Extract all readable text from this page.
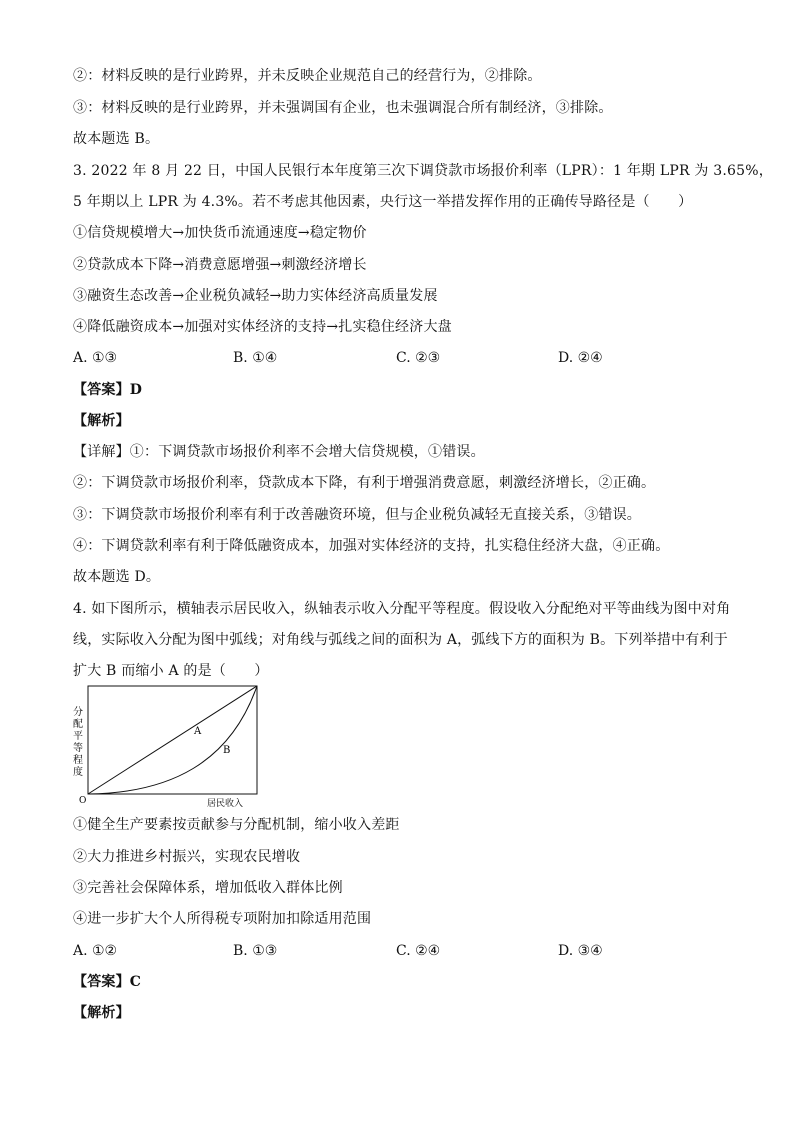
②：材料反映的是行业跨界，并未反映企业规范自己的经营行为，②排除。
③：材料反映的是行业跨界，并未强调国有企业，也未强调混合所有制经济，③排除。
故本题选 B。
3. 2022 年 8 月 22 日，中国人民银行本年度第三次下调贷款市场报价利率（LPR）：1 年期 LPR 为 3.65%，
5 年期以上 LPR 为 4.3%。若不考虑其他因素，央行这一举措发挥作用的正确传导路径是（　　）
①信贷规模增大→加快货币流通速度→稳定物价
②贷款成本下降→消费意愿增强→刺激经济增长
③融资生态改善→企业税负减轻→助力实体经济高质量发展
④降低融资成本→加强对实体经济的支持→扎实稳住经济大盘
A. ①③	B. ①④	C. ②③	D. ②④
【答案】D
【解析】
【详解】①：下调贷款市场报价利率不会增大信贷规模，①错误。
②：下调贷款市场报价利率，贷款成本下降，有利于增强消费意愿，刺激经济增长，②正确。
③：下调贷款市场报价利率有利于改善融资环境，但与企业税负减轻无直接关系，③错误。
④：下调贷款利率有利于降低融资成本，加强对实体经济的支持，扎实稳住经济大盘，④正确。
故本题选 D。
4. 如下图所示，横轴表示居民收入，纵轴表示收入分配平等程度。假设收入分配绝对平等曲线为图中对角
线，实际收入分配为图中弧线；对角线与弧线之间的面积为 A，弧线下方的面积为 B。下列举措中有利于
扩大 B 而缩小 A 的是（　　）
A
B
O	居民收入
分
配
平
等
程
度
①健全生产要素按贡献参与分配机制，缩小收入差距
②大力推进乡村振兴，实现农民增收
③完善社会保障体系，增加低收入群体比例
④进一步扩大个人所得税专项附加扣除适用范围
A. ①②	B. ①③	C. ②④	D. ③④
【答案】C
【解析】
